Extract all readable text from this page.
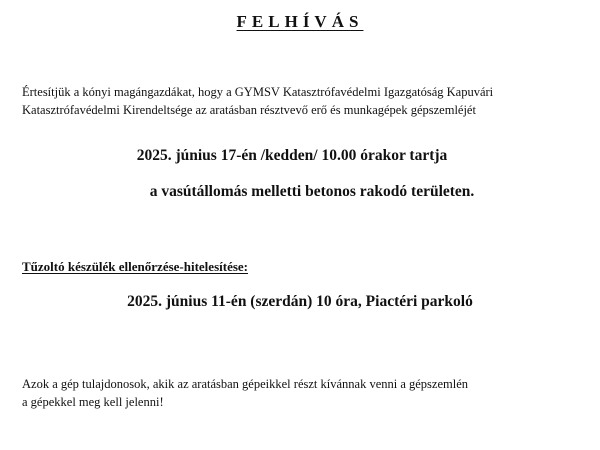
FELHÍVÁS
Értesítjük a kónyi magángazdákat, hogy a GYMSV Katasztrófavédelmi Igazgatóság Kapuvári
Katasztrófavédelmi Kirendeltsége az aratásban résztvevő erő és munkagépek gépszemléjét
2025. június 17-én /kedden/ 10.00 órakor tartja
a vasútállomás melletti betonos rakodó területen.
Tűzoltó készülék ellenőrzése-hitelesítése:
2025. június 11-én (szerdán) 10 óra, Piactéri parkoló
Azok a gép tulajdonosok, akik az aratásban gépeikkel részt kívánnak venni a gépszemlén
a gépekkel meg kell jelenni!
